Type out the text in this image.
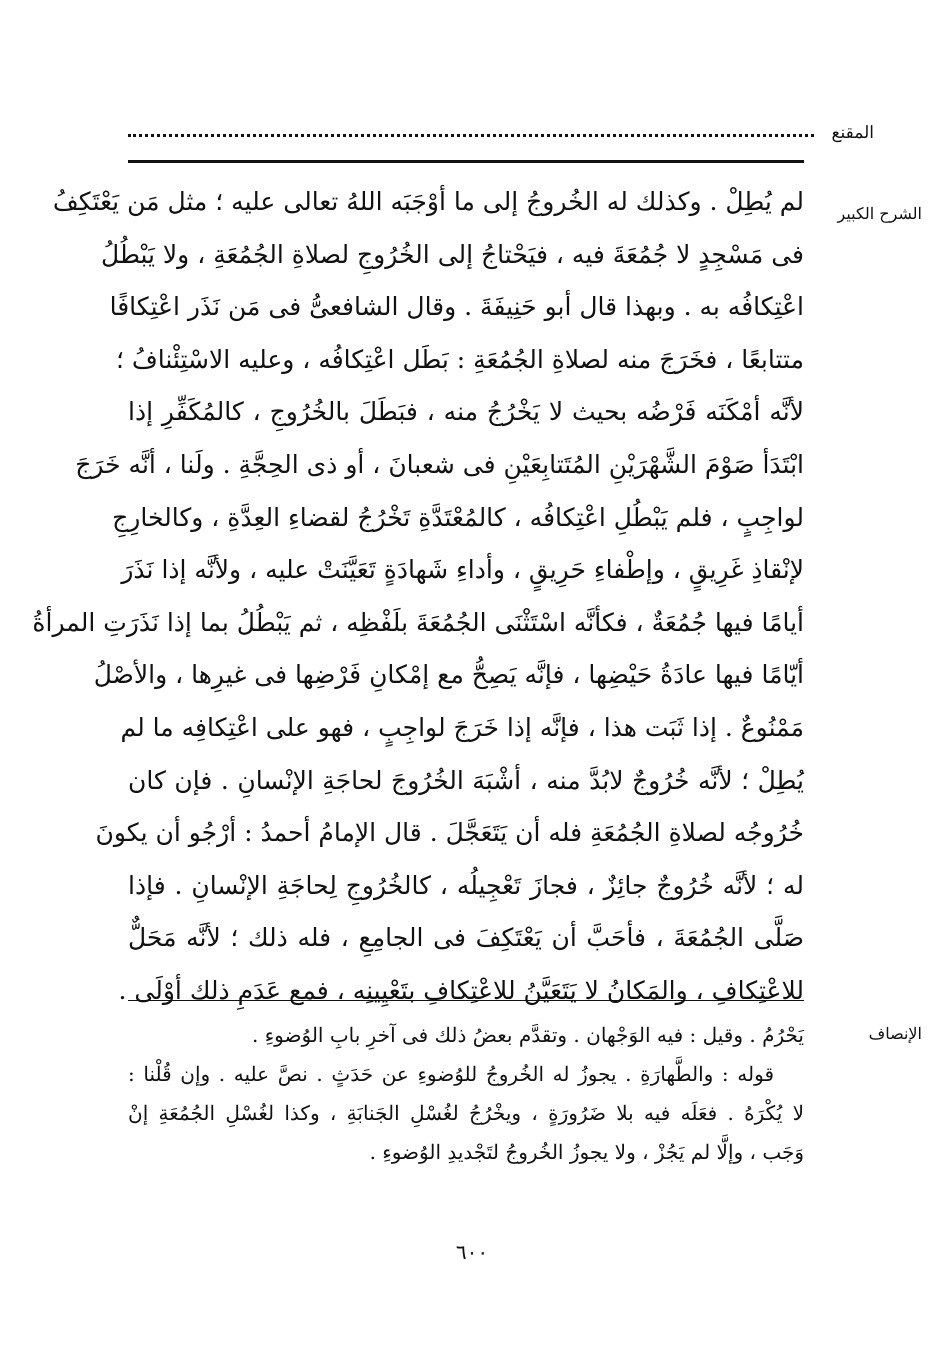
المقنع
الشرح الكبير
لم يُطِلْ . وكذلك له الخُروجُ إلى ما أوْجَبَه اللهُ تعالى عليه ؛ مثل مَن يَعْتَكِفُ
فى مَسْجِدٍ لا جُمُعَةَ فيه ، فيَحْتاجُ إلى الخُرُوجِ لصلاةِ الجُمُعَةِ ، ولا يَبْطُلُ
اعْتِكافُه به . وبهذا قال أبو حَنِيفَةَ . وقال الشافعىُّ فى مَن نَذَر اعْتِكافًا
متتابعًا ، فخَرَجَ منه لصلاةِ الجُمُعَةِ : بَطَل اعْتِكافُه ، وعليه الاسْتِئْنافُ ؛
لأنَّه أمْكَنَه فَرْضُه بحيث لا يَخْرُجُ منه ، فبَطَلَ بالخُرُوجِ ، كالمُكَفِّرِ إذا
ابْتَدَأ صَوْمَ الشَّهْرَيْنِ المُتَتابِعَيْنِ فى شعبانَ ، أو ذى الحِجَّةِ . ولَنا ، أنَّه خَرَجَ
لواجِبٍ ، فلم يَبْطُلِ اعْتِكافُه ، كالمُعْتَدَّةِ تَخْرُجُ لقضاءِ العِدَّةِ ، وكالخارِجِ
لإنْقاذِ غَرِيقٍ ، وإطْفاءِ حَرِيقٍ ، وأداءِ شَهادَةٍ تَعَيَّنَتْ عليه ، ولأنَّه إذا نَذَرَ
أيامًا فيها جُمُعَةٌ ، فكأنَّه اسْتَثْنَى الجُمُعَةَ بلَفْظِه ، ثم يَبْطُلُ بما إذا نَذَرَتِ المرأةُ
أيّامًا فيها عادَةُ حَيْضِها ، فإنَّه يَصِحُّ مع إمْكانِ فَرْضِها فى غيرِها ، والأصْلُ
مَمْنُوعٌ . إذا ثَبَت هذا ، فإنَّه إذا خَرَجَ لواجِبٍ ، فهو على اعْتِكافِه ما لم
يُطِلْ ؛ لأنَّه خُرُوجٌ لابُدَّ منه ، أشْبَهَ الخُرُوجَ لحاجَةِ الإنْسانِ . فإن كان
خُرُوجُه لصلاةِ الجُمُعَةِ فله أن يَتَعَجَّلَ . قال الإمامُ أحمدُ : أرْجُو أن يكونَ
له ؛ لأنَّه خُرُوجٌ جائِزٌ ، فجازَ تَعْجِيلُه ، كالخُرُوجِ لِحاجَةِ الإنْسانِ . فإذا
صَلَّى الجُمُعَةَ ، فأحَبَّ أن يَعْتَكِفَ فى الجامِعِ ، فله ذلك ؛ لأنَّه مَحَلٌّ
للاعْتِكافِ ، والمَكانُ لا يَتَعَيَّنُ للاعْتِكافِ بتَعْيِينِه ، فمع عَدَمِ ذلك أوْلَى .
الإنصاف
يَحْرُمُ . وقيل : فيه الوَجْهان . وتقدَّم بعضُ ذلك فى آخرِ بابِ الوُضوءِ .
قوله : والطَّهارَةِ . يجوزُ له الخُروجُ للوُضوءِ عن حَدَثٍ . نصَّ عليه . وإن قُلْنا :
لا يُكْرَهُ . فعَلَه فيه بلا ضَرُورَةٍ ، ويخْرُجُ لغُسْلِ الجَنابَةِ ، وكذا لغُسْلِ الجُمُعَةِ إنْ
وَجَب ، وإلَّا لم يَجُزْ ، ولا يجوزُ الخُروجُ لتَجْديدِ الوُضوءِ .
٦٠٠
